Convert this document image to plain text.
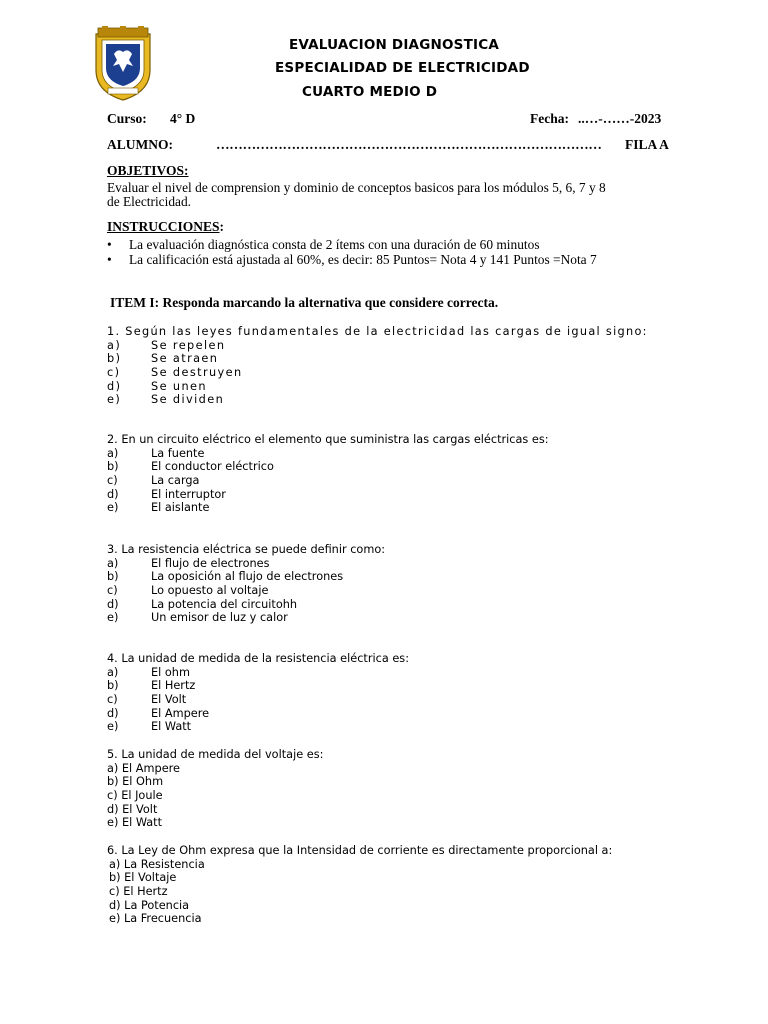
EVALUACION DIAGNOSTICA
ESPECIALIDAD DE ELECTRICIDAD
CUARTO MEDIO D
Curso: 4° D	Fecha: ..…-……-2023
ALUMNO:	…………………………………………………………………………… FILA A
OBJETIVOS:
Evaluar el nivel de comprension y dominio de conceptos basicos para los módulos 5, 6, 7 y 8
de Electricidad.
INSTRUCCIONES:
• La evaluación diagnóstica consta de 2 ítems con una duración de 60 minutos
• La calificación está ajustada al 60%, es decir: 85 Puntos= Nota 4 y 141 Puntos =Nota 7
ITEM I: Responda marcando la alternativa que considere correcta.
1. Según las leyes fundamentales de la electricidad las cargas de igual signo:
a)	Se repelen
b)	Se atraen
c)	Se destruyen
d)	Se unen
e)	Se dividen
2. En un circuito eléctrico el elemento que suministra las cargas eléctricas es:
a)	La fuente
b)	El conductor eléctrico
c)	La carga
d)	El interruptor
e)	El aislante
3. La resistencia eléctrica se puede definir como:
a)	El flujo de electrones
b)	La oposición al flujo de electrones
c)	Lo opuesto al voltaje
d)	La potencia del circuitohh
e)	Un emisor de luz y calor
4. La unidad de medida de la resistencia eléctrica es:
a)	El ohm
b)	El Hertz
c)	El Volt
d)	El Ampere
e)	El Watt
5. La unidad de medida del voltaje es:
a) El Ampere
b) El Ohm
c) El Joule
d) El Volt
e) El Watt
6. La Ley de Ohm expresa que la Intensidad de corriente es directamente proporcional a:
a) La Resistencia
b) El Voltaje
c) El Hertz
d) La Potencia
e) La Frecuencia
